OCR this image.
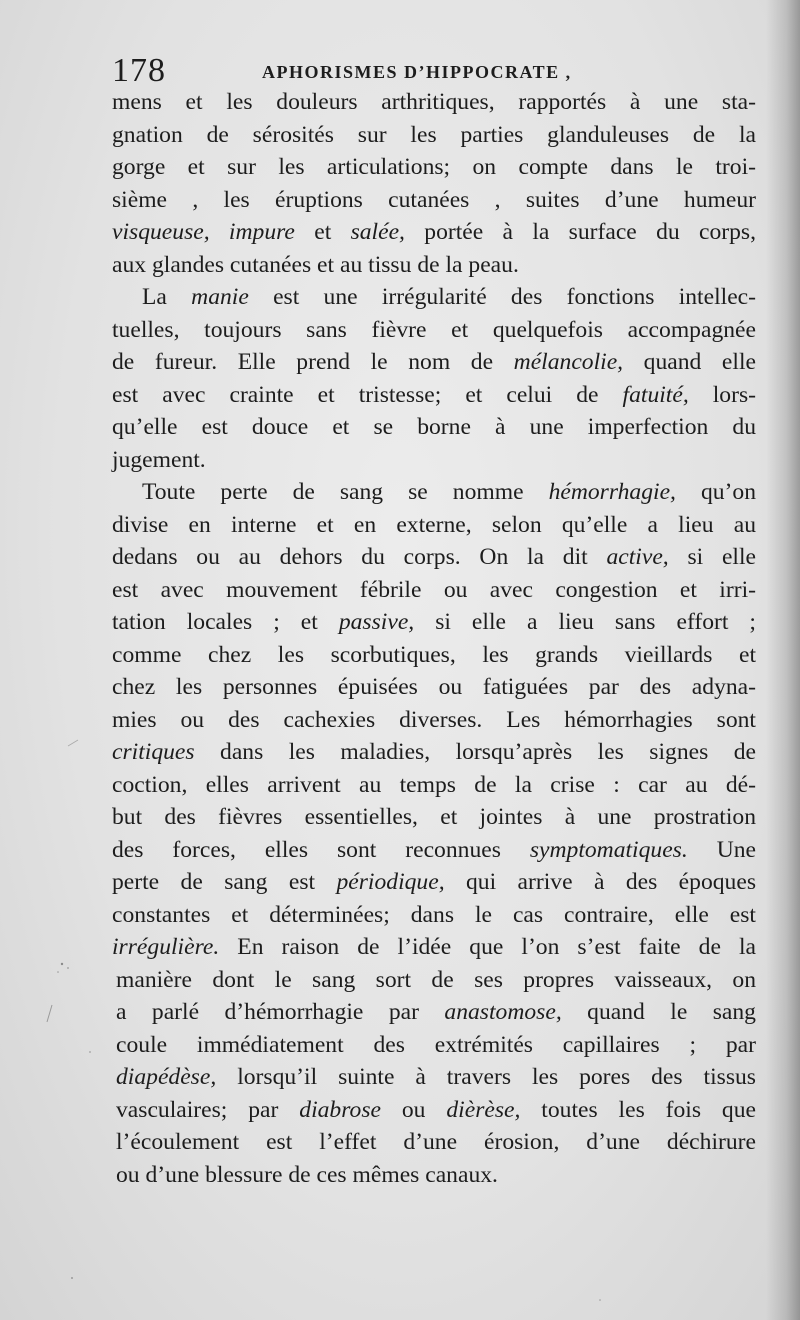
178	APHORISMES D’HIPPOCRATE ,
mens et les douleurs arthritiques, rapportés à une sta-
gnation de sérosités sur les parties glanduleuses de la
gorge et sur les articulations; on compte dans le troi-
sième , les éruptions cutanées , suites d’une humeur
visqueuse, impure et salée, portée à la surface du corps,
aux glandes cutanées et au tissu de la peau.
La manie est une irrégularité des fonctions intellec-
tuelles, toujours sans fièvre et quelquefois accompagnée
de fureur. Elle prend le nom de mélancolie, quand elle
est avec crainte et tristesse; et celui de fatuité, lors-
qu’elle est douce et se borne à une imperfection du
jugement.
Toute perte de sang se nomme hémorrhagie, qu’on
divise en interne et en externe, selon qu’elle a lieu au
dedans ou au dehors du corps. On la dit active, si elle
est avec mouvement fébrile ou avec congestion et irri-
tation locales ; et passive, si elle a lieu sans effort ;
comme chez les scorbutiques, les grands vieillards et
chez les personnes épuisées ou fatiguées par des adyna-
mies ou des cachexies diverses. Les hémorrhagies sont
critiques dans les maladies, lorsqu’après les signes de
coction, elles arrivent au temps de la crise : car au dé-
but des fièvres essentielles, et jointes à une prostration
des forces, elles sont reconnues symptomatiques. Une
perte de sang est périodique, qui arrive à des époques
constantes et déterminées; dans le cas contraire, elle est
irrégulière. En raison de l’idée que l’on s’est faite de la
manière dont le sang sort de ses propres vaisseaux, on
a parlé d’hémorrhagie par anastomose, quand le sang
coule immédiatement des extrémités capillaires ; par
diapédèse, lorsqu’il suinte à travers les pores des tissus
vasculaires; par diabrose ou dièrèse, toutes les fois que
l’écoulement est l’effet d’une érosion, d’une déchirure
ou d’une blessure de ces mêmes canaux.
